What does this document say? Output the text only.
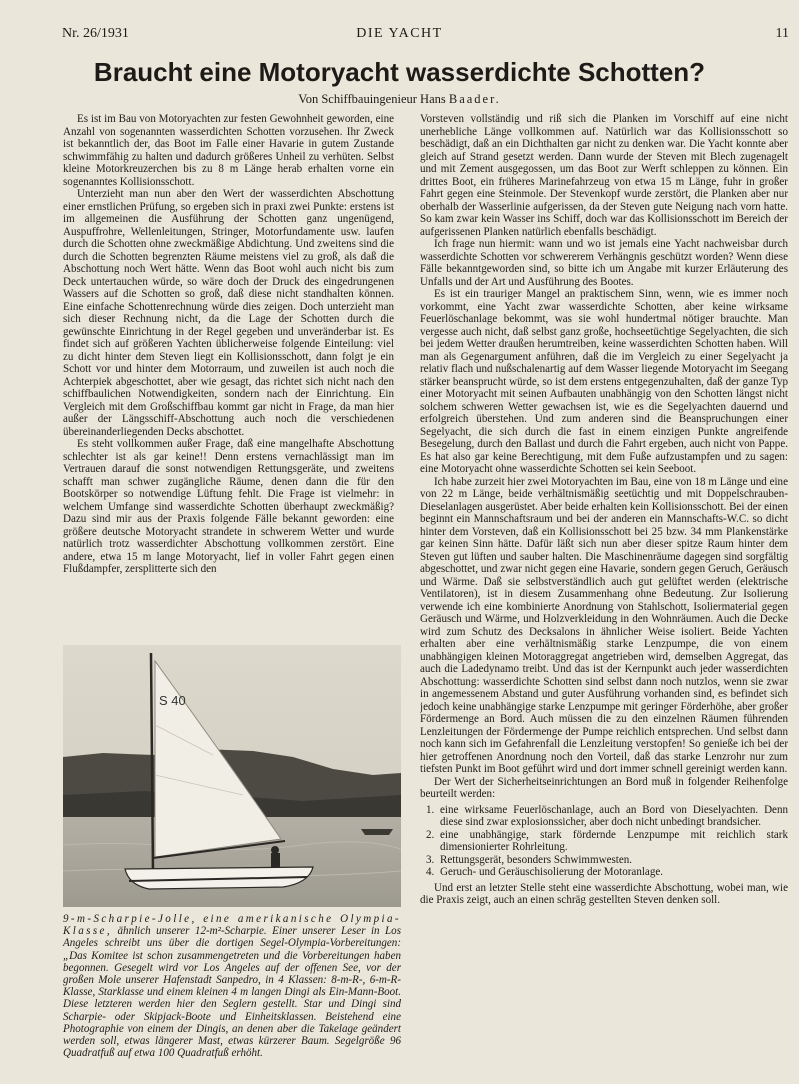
Nr. 26/1931	DIE YACHT	11
Braucht eine Motoryacht wasserdichte Schotten?
Von Schiffbauingenieur Hans Baader.

Es ist im Bau von Motoryachten zur festen Gewohnheit geworden, eine Anzahl von sogenannten wasserdichten Schotten vorzusehen. Ihr Zweck ist bekanntlich der, das Boot im Falle einer Havarie in gutem Zustande schwimmfähig zu halten und dadurch größeres Unheil zu verhüten. Selbst kleine Motorkreuzerchen bis zu 8 m Länge herab erhalten vorne ein sogenanntes Kollisionsschott.

Unterzieht man nun aber den Wert der wasserdichten Abschottung einer ernstlichen Prüfung, so ergeben sich in praxi zwei Punkte: erstens ist im allgemeinen die Ausführung der Schotten ganz ungenügend, Auspuffrohre, Wellenleitungen, Stringer, Motorfundamente usw. laufen durch die Schotten ohne zweckmäßige Abdichtung. Und zweitens sind die durch die Schotten begrenzten Räume meistens viel zu groß, als daß die Abschottung noch Wert hätte. Wenn das Boot wohl auch nicht bis zum Deck untertauchen würde, so wäre doch der Druck des eingedrungenen Wassers auf die Schotten so groß, daß diese nicht standhalten können. Eine einfache Schottenrechnung würde dies zeigen. Doch unterzieht man sich dieser Rechnung nicht, da die Lage der Schotten durch die gewünschte Einrichtung in der Regel gegeben und unveränderbar ist. Es findet sich auf größeren Yachten üblicherweise folgende Einteilung: viel zu dicht hinter dem Steven liegt ein Kollisionsschott, dann folgt je ein Schott vor und hinter dem Motorraum, und zuweilen ist auch noch die Achterpiek abgeschottet, aber wie gesagt, das richtet sich nicht nach den schiffbaulichen Notwendigkeiten, sondern nach der Einrichtung. Ein Vergleich mit dem Großschiffbau kommt gar nicht in Frage, da man hier außer der Längsschiff-Abschottung auch noch die verschiedenen übereinanderliegenden Decks abschottet.

Es steht vollkommen außer Frage, daß eine mangelhafte Abschottung schlechter ist als gar keine!! Denn erstens vernachlässigt man im Vertrauen darauf die sonst notwendigen Rettungsgeräte, und zweitens schafft man schwer zugängliche Räume, denen dann die für den Bootskörper so notwendige Lüftung fehlt. Die Frage ist vielmehr: in welchem Umfange sind wasserdichte Schotten überhaupt zweckmäßig? Dazu sind mir aus der Praxis folgende Fälle bekannt geworden: eine größere deutsche Motoryacht strandete in schwerem Wetter und wurde natürlich trotz wasserdichter Abschottung vollkommen zerstört. Eine andere, etwa 15 m lange Motoryacht, lief in voller Fahrt gegen einen Flußdampfer, zersplitterte sich den

S 40

9-m-Scharpie-Jolle, eine amerikanische Olympia-Klasse, ähnlich unserer 12-m²-Scharpie. Einer unserer Leser in Los Angeles schreibt uns über die dortigen Segel-Olympia-Vorbereitungen: „Das Komitee ist schon zusammengetreten und die Vorbereitungen haben begonnen. Gesegelt wird vor Los Angeles auf der offenen See, vor der großen Mole unserer Hafenstadt Sanpedro, in 4 Klassen: 8-m-R-, 6-m-R-Klasse, Starklasse und einem kleinen 4 m langen Dingi als Ein-Mann-Boot. Diese letzteren werden hier den Seglern gestellt. Star und Dingi sind Scharpie- oder Skipjack-Boote und Einheitsklassen. Beistehend eine Photographie von einem der Dingis, an denen aber die Takelage geändert werden soll, etwas längerer Mast, etwas kürzerer Baum. Segelgröße 96 Quadratfuß auf etwa 100 Quadratfuß erhöht.

Vorsteven vollständig und riß sich die Planken im Vorschiff auf eine nicht unerhebliche Länge vollkommen auf. Natürlich war das Kollisionsschott so beschädigt, daß an ein Dichthalten gar nicht zu denken war. Die Yacht konnte aber gleich auf Strand gesetzt werden. Dann wurde der Steven mit Blech zugenagelt und mit Zement ausgegossen, um das Boot zur Werft schleppen zu können. Ein drittes Boot, ein früheres Marinefahrzeug von etwa 15 m Länge, fuhr in großer Fahrt gegen eine Steinmole. Der Stevenkopf wurde zerstört, die Planken aber nur oberhalb der Wasserlinie aufgerissen, da der Steven gute Neigung nach vorn hatte. So kam zwar kein Wasser ins Schiff, doch war das Kollisionsschott im Bereich der aufgerissenen Planken natürlich ebenfalls beschädigt.

Ich frage nun hiermit: wann und wo ist jemals eine Yacht nachweisbar durch wasserdichte Schotten vor schwererem Verhängnis geschützt worden? Wenn diese Fälle bekanntgeworden sind, so bitte ich um Angabe mit kurzer Erläuterung des Unfalls und der Art und Ausführung des Bootes.

Es ist ein trauriger Mangel an praktischem Sinn, wenn, wie es immer noch vorkommt, eine Yacht zwar wasserdichte Schotten, aber keine wirksame Feuerlöschanlage bekommt, was sie wohl hundertmal nötiger brauchte. Man vergesse auch nicht, daß selbst ganz große, hochseetüchtige Segelyachten, die sich bei jedem Wetter draußen herumtreiben, keine wasserdichten Schotten haben. Will man als Gegenargument anführen, daß die im Vergleich zu einer Segelyacht ja relativ flach und nußschalenartig auf dem Wasser liegende Motoryacht im Seegang stärker beansprucht würde, so ist dem erstens entgegenzuhalten, daß der ganze Typ einer Motoryacht mit seinen Aufbauten unabhängig von den Schotten längst nicht solchem schweren Wetter gewachsen ist, wie es die Segelyachten dauernd und erfolgreich überstehen. Und zum anderen sind die Beanspruchungen einer Segelyacht, die sich durch die fast in einem einzigen Punkte angreifende Besegelung, durch den Ballast und durch die Fahrt ergeben, auch nicht von Pappe. Es hat also gar keine Berechtigung, mit dem Fuße aufzustampfen und zu sagen: eine Motoryacht ohne wasserdichte Schotten sei kein Seeboot.

Ich habe zurzeit hier zwei Motoryachten im Bau, eine von 18 m Länge und eine von 22 m Länge, beide verhältnismäßig seetüchtig und mit Doppelschrauben-Dieselanlagen ausgerüstet. Aber beide erhalten kein Kollisionsschott. Bei der einen beginnt ein Mannschaftsraum und bei der anderen ein Mannschafts-W.C. so dicht hinter dem Vorsteven, daß ein Kollisionsschott bei 25 bzw. 34 mm Plankenstärke gar keinen Sinn hätte. Dafür läßt sich nun aber dieser spitze Raum hinter dem Steven gut lüften und sauber halten. Die Maschinenräume dagegen sind sorgfältig abgeschottet, und zwar nicht gegen eine Havarie, sondern gegen Geruch, Geräusch und Wärme. Daß sie selbstverständlich auch gut gelüftet werden (elektrische Ventilatoren), ist in diesem Zusammenhang ohne Bedeutung. Zur Isolierung verwende ich eine kombinierte Anordnung von Stahlschott, Isoliermaterial gegen Geräusch und Wärme, und Holzverkleidung in den Wohnräumen. Auch die Decke wird zum Schutz des Decksalons in ähnlicher Weise isoliert. Beide Yachten erhalten aber eine verhältnismäßig starke Lenzpumpe, die von einem unabhängigen kleinen Motoraggregat angetrieben wird, demselben Aggregat, das auch die Ladedynamo treibt. Und das ist der Kernpunkt auch jeder wasserdichten Abschottung: wasserdichte Schotten sind selbst dann noch nutzlos, wenn sie zwar in angemessenem Abstand und guter Ausführung vorhanden sind, es befindet sich jedoch keine unabhängige starke Lenzpumpe mit geringer Förderhöhe, aber großer Fördermenge an Bord. Auch müssen die zu den einzelnen Räumen führenden Lenzleitungen der Fördermenge der Pumpe reichlich entsprechen. Und selbst dann noch kann sich im Gefahrenfall die Lenzleitung verstopfen! So genieße ich bei der hier getroffenen Anordnung noch den Vorteil, daß das starke Lenzrohr nur zum tiefsten Punkt im Boot geführt wird und dort immer schnell gereinigt werden kann.

Der Wert der Sicherheitseinrichtungen an Bord muß in folgender Reihenfolge beurteilt werden:

1. eine wirksame Feuerlöschanlage, auch an Bord von Dieselyachten. Denn diese sind zwar explosionssicher, aber doch nicht unbedingt brandsicher.
2. eine unabhängige, stark fördernde Lenzpumpe mit reichlich stark dimensionierter Rohrleitung.
3. Rettungsgerät, besonders Schwimmwesten.
4. Geruch- und Geräuschisolierung der Motoranlage.

Und erst an letzter Stelle steht eine wasserdichte Abschottung, wobei man, wie die Praxis zeigt, auch an einen schräg gestellten Steven denken soll.
